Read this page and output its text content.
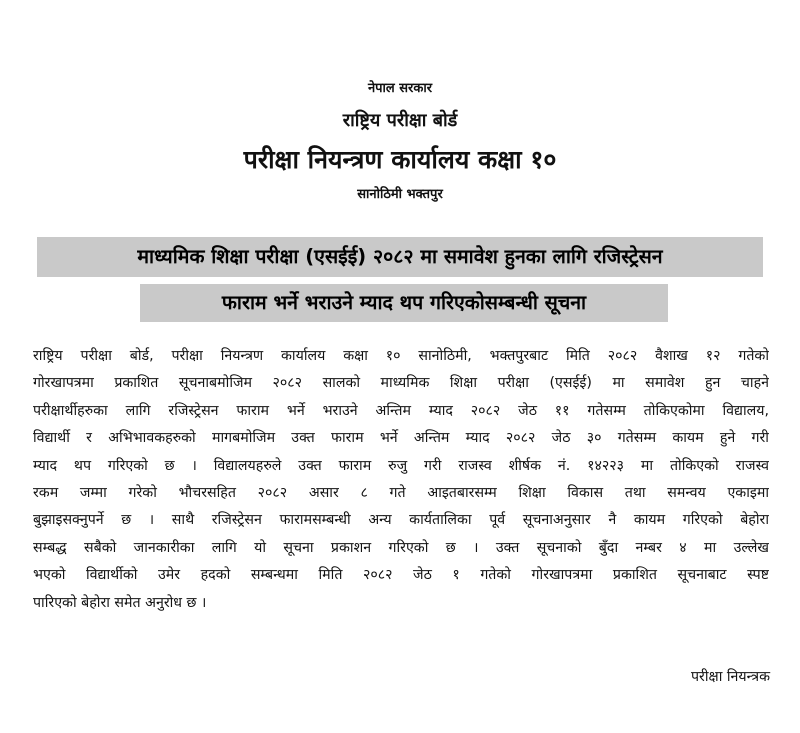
नेपाल सरकार
राष्ट्रिय परीक्षा बोर्ड
परीक्षा नियन्त्रण कार्यालय कक्षा १०
सानोठिमी भक्तपुर
माध्यमिक शिक्षा परीक्षा (एसईई) २०८२ मा समावेश हुनका लागि रजिस्ट्रेसन
फाराम भर्ने भराउने म्याद थप गरिएकोसम्बन्धी सूचना
राष्ट्रिय परीक्षा बोर्ड, परीक्षा नियन्त्रण कार्यालय कक्षा १० सानोठिमी, भक्तपुरबाट मिति २०८२ वैशाख १२ गतेको
गोरखापत्रमा प्रकाशित सूचनाबमोजिम २०८२ सालको माध्यमिक शिक्षा परीक्षा (एसईई) मा समावेश हुन चाहने
परीक्षार्थीहरुका लागि रजिस्ट्रेसन फाराम भर्ने भराउने अन्तिम म्याद २०८२ जेठ ११ गतेसम्म तोकिएकोमा विद्यालय,
विद्यार्थी र अभिभावकहरुको मागबमोजिम उक्त फाराम भर्ने अन्तिम म्याद २०८२ जेठ ३० गतेसम्म कायम हुने गरी
म्याद थप गरिएको छ । विद्यालयहरुले उक्त फाराम रुजु गरी राजस्व शीर्षक नं. १४२२३ मा तोकिएको राजस्व
रकम जम्मा गरेको भौचरसहित २०८२ असार ८ गते आइतबारसम्म शिक्षा विकास तथा समन्वय एकाइमा
बुझाइसक्नुपर्ने छ । साथै रजिस्ट्रेसन फारामसम्बन्धी अन्य कार्यतालिका पूर्व सूचनाअनुसार नै कायम गरिएको बेहोरा
सम्बद्ध सबैको जानकारीका लागि यो सूचना प्रकाशन गरिएको छ । उक्त सूचनाको बुँदा नम्बर ४ मा उल्लेख
भएको विद्यार्थीको उमेर हदको सम्बन्धमा मिति २०८२ जेठ १ गतेको गोरखापत्रमा प्रकाशित सूचनाबाट स्पष्ट
पारिएको बेहोरा समेत अनुरोध छ ।
परीक्षा नियन्त्रक
